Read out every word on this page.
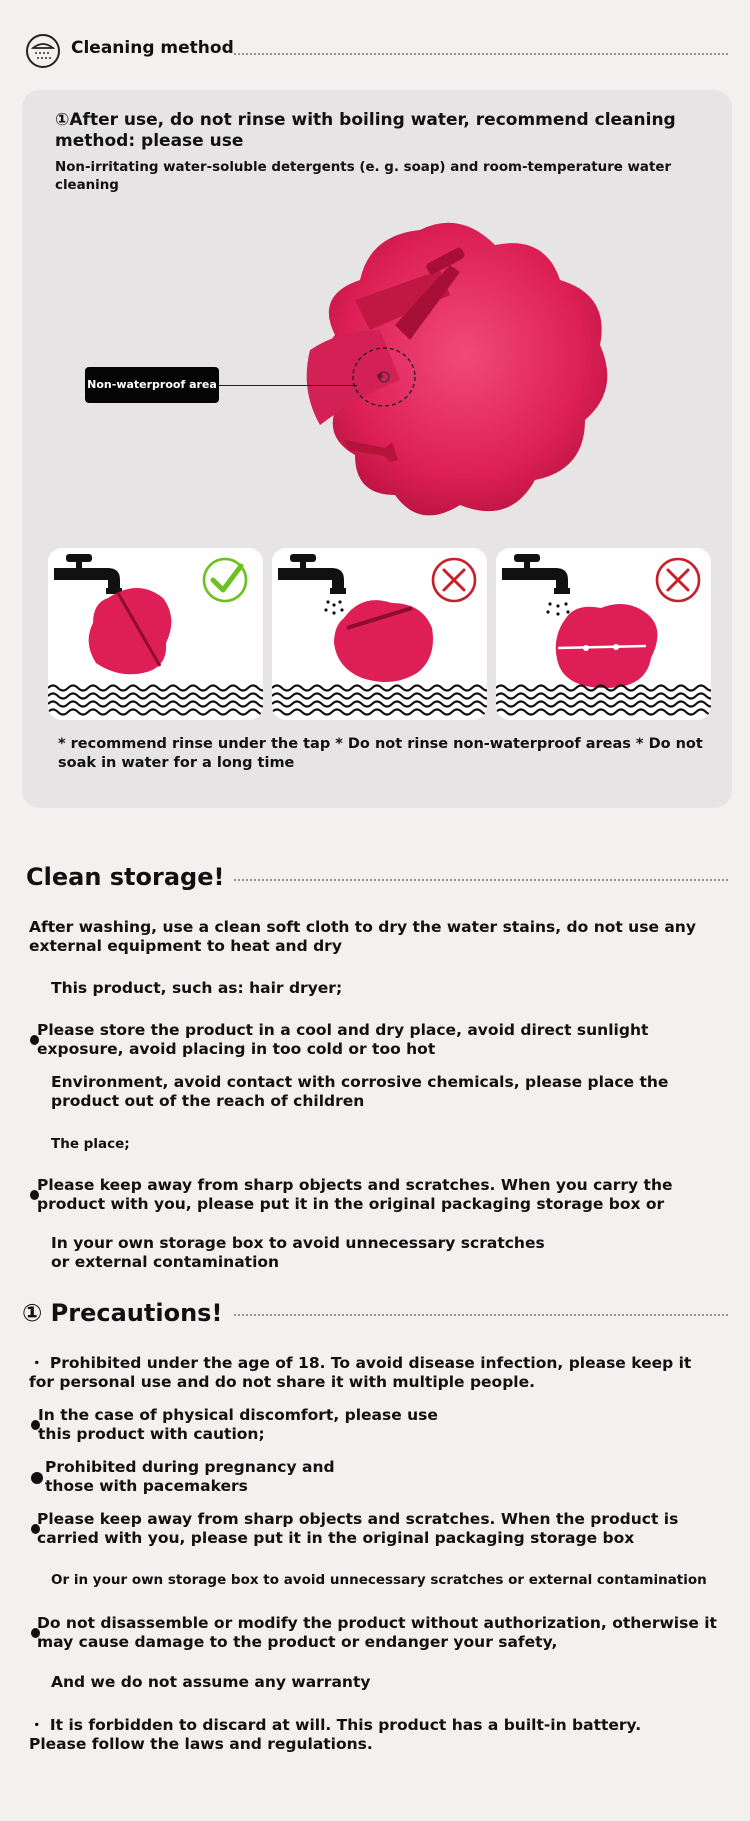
Cleaning method
①After use, do not rinse with boiling water, recommend cleaning method: please use
Non-irritating water-soluble detergents (e. g. soap) and room-temperature water cleaning
Non-waterproof area
* recommend rinse under the tap * Do not rinse non-waterproof areas * Do not soak in water for a long time
Clean storage!
After washing, use a clean soft cloth to dry the water stains, do not use any external equipment to heat and dry
This product, such as: hair dryer;
Please store the product in a cool and dry place, avoid direct sunlight exposure, avoid placing in too cold or too hot
Environment, avoid contact with corrosive chemicals, please place the product out of the reach of children
The place;
Please keep away from sharp objects and scratches. When you carry the product with you, please put it in the original packaging storage box or
In your own storage box to avoid unnecessary scratches or external contamination
① Precautions!
・ Prohibited under the age of 18. To avoid disease infection, please keep it for personal use and do not share it with multiple people.
In the case of physical discomfort, please use this product with caution;
Prohibited during pregnancy and those with pacemakers
Please keep away from sharp objects and scratches. When the product is carried with you, please put it in the original packaging storage box
Or in your own storage box to avoid unnecessary scratches or external contamination
Do not disassemble or modify the product without authorization, otherwise it may cause damage to the product or endanger your safety,
And we do not assume any warranty
・ It is forbidden to discard at will. This product has a built-in battery. Please follow the laws and regulations.
